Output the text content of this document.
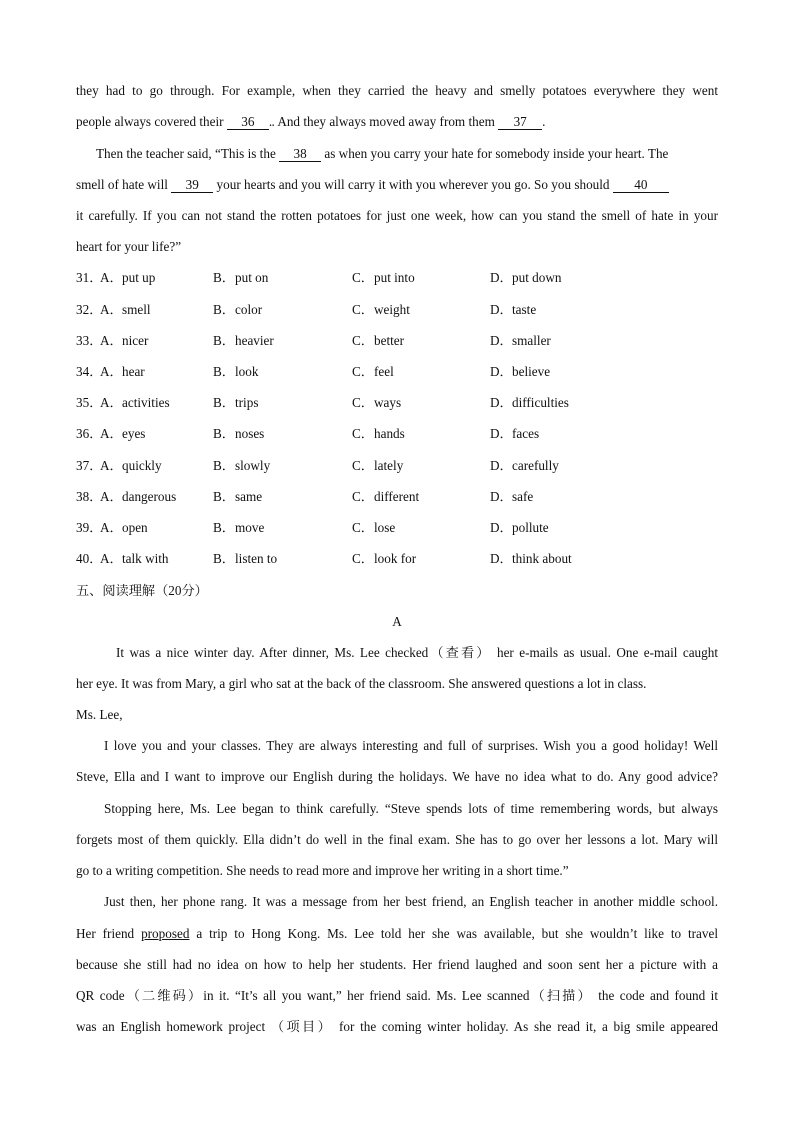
they had to go through. For example, when they carried the heavy and smelly potatoes everywhere they went
people always covered their 36 . . And they always moved away from them 37 .
Then the teacher said, “This is the 38 as when you carry your hate for somebody inside your heart. The
smell of hate will 39 your hearts and you will carry it with you wherever you go. So you should 40
it carefully. If you can not stand the rotten potatoes for just one week, how can you stand the smell of hate in your
heart for your life?”
31．
A．put up	B．put on	C．put into	D．put down
32．
A．smell	B．color	C．weight	D．taste
33．
A．nicer	B．heavier	C．better	D．smaller
34．
A．hear	B．look	C．feel	D．believe
35．
A．activities	B．trips	C．ways	D．difficulties
36．
A．eyes	B．noses	C．hands	D．faces
37．
A．quickly	B．slowly	C．lately	D．carefully
38．
A．dangerous	B．same	C．different	D．safe
39．
A．open	B．move	C．lose	D．pollute
40．
A．talk with	B．listen to	C．look for	D．think about
五、阅读理解（20分）
A
It was a nice winter day. After dinner, Ms. Lee checked（查看） her e-mails as usual. One e-mail caught
her eye. It was from Mary, a girl who sat at the back of the classroom. She answered questions a lot in class.
Ms. Lee,
I love you and your classes. They are always interesting and full of surprises. Wish you a good holiday! Well
Steve, Ella and I want to improve our English during the holidays. We have no idea what to do. Any good advice?
Stopping here, Ms. Lee began to think carefully. “Steve spends lots of time remembering words, but always
forgets most of them quickly. Ella didn’t do well in the final exam. She has to go over her lessons a lot. Mary will
go to a writing competition. She needs to read more and improve her writing in a short time.”
Just then, her phone rang. It was a message from her best friend, an English teacher in another middle school.
Her friend proposed a trip to Hong Kong. Ms. Lee told her she was available, but she wouldn’t like to travel
because she still had no idea on how to help her students. Her friend laughed and soon sent her a picture with a
QR code（二维码）in it. “It’s all you want,” her friend said. Ms. Lee scanned（扫描） the code and found it
was an English homework project （项目） for the coming winter holiday. As she read it, a big smile appeared
